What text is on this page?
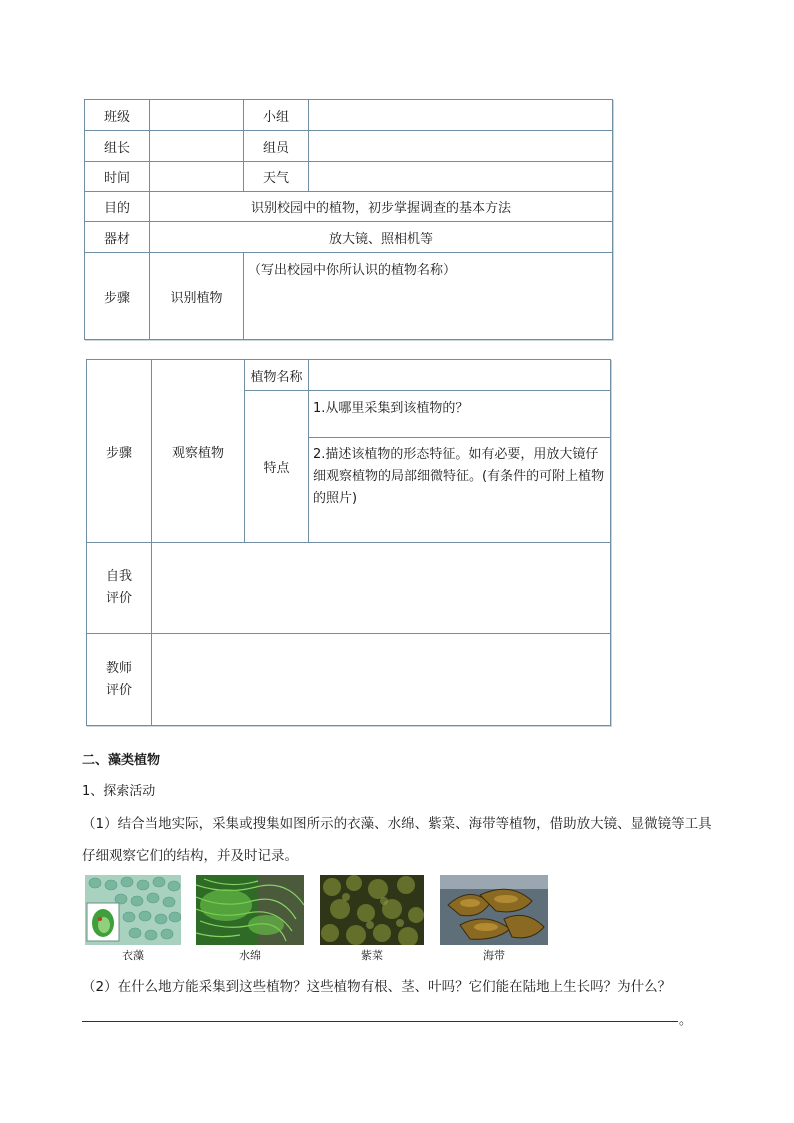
班级		小组	
组长		组员	
时间		天气	
目的	识别校园中的植物，初步掌握调查的基本方法		
器材	放大镜、照相机等		
步骤	识别植物	（写出校园中你所认识的植物名称）	
步骤	观察植物	植物名称	
		特点	1.从哪里采集到该植物的？
			2.描述该植物的形态特征。如有必要，用放大镜仔细观察植物的局部细微特征。(有条件的可附上植物的照片)
自我
评价			
教师
评价			
二、藻类植物
1、探索活动
（1）结合当地实际，采集或搜集如图所示的衣藻、水绵、紫菜、海带等植物，借助放大镜、显微镜等工具仔细观察它们的结构，并及时记录。
衣藻	水绵	紫菜	海带
（2）在什么地方能采集到这些植物？这些植物有根、茎、叶吗？它们能在陆地上生长吗？为什么？
。
